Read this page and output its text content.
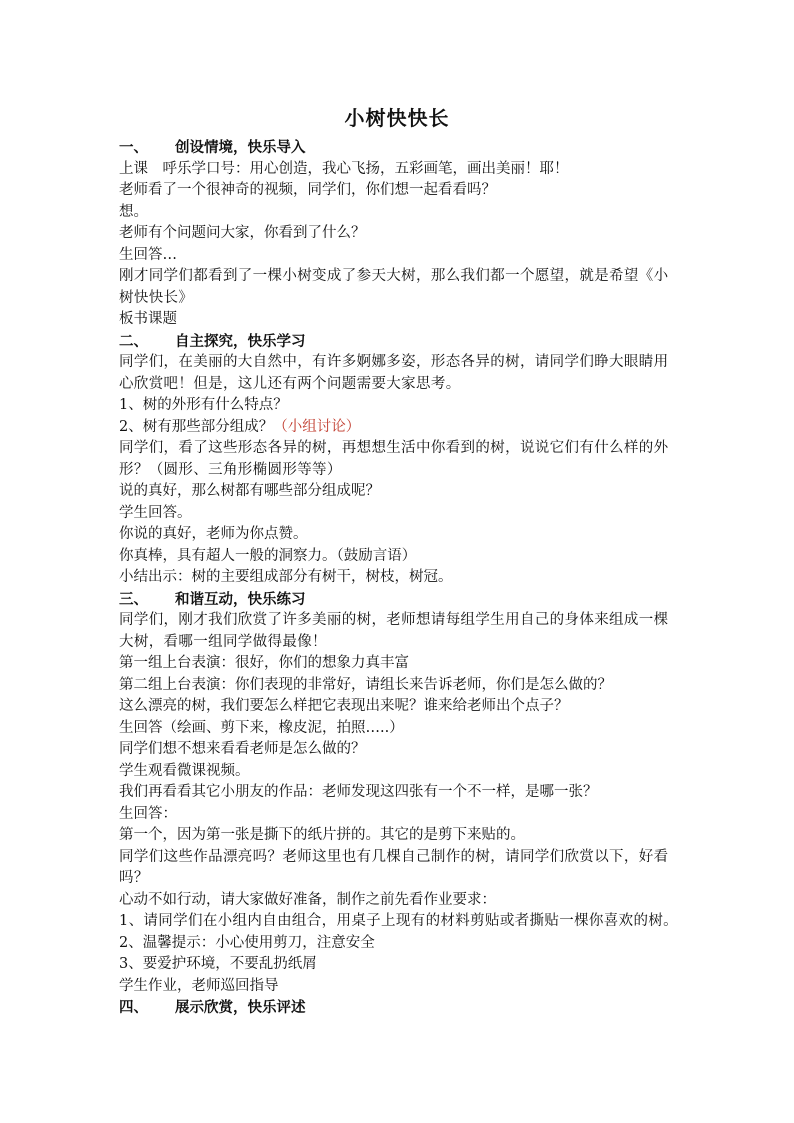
小树快快长
一、 创设情境，快乐导入
上课　呼乐学口号：用心创造，我心飞扬，五彩画笔，画出美丽！耶！
老师看了一个很神奇的视频，同学们，你们想一起看看吗？
想。
老师有个问题问大家，你看到了什么？
生回答…
刚才同学们都看到了一棵小树变成了参天大树，那么我们都一个愿望，就是希望《小树快快长》
板书课题
二、 自主探究，快乐学习
同学们，在美丽的大自然中，有许多婀娜多姿，形态各异的树，请同学们睁大眼睛用心欣赏吧！但是，这儿还有两个问题需要大家思考。
1、树的外形有什么特点？
2、树有那些部分组成？（小组讨论）
同学们，看了这些形态各异的树，再想想生活中你看到的树，说说它们有什么样的外形？（圆形、三角形椭圆形等等）
说的真好，那么树都有哪些部分组成呢？
学生回答。
你说的真好，老师为你点赞。
你真棒，具有超人一般的洞察力。（鼓励言语）
小结出示：树的主要组成部分有树干，树枝，树冠。
三、 和谐互动，快乐练习
同学们，刚才我们欣赏了许多美丽的树，老师想请每组学生用自己的身体来组成一棵大树，看哪一组同学做得最像！
第一组上台表演：很好，你们的想象力真丰富
第二组上台表演：你们表现的非常好，请组长来告诉老师，你们是怎么做的？
这么漂亮的树，我们要怎么样把它表现出来呢？谁来给老师出个点子？
生回答（绘画、剪下来，橡皮泥，拍照…..）
同学们想不想来看看老师是怎么做的？
学生观看微课视频。
我们再看看其它小朋友的作品：老师发现这四张有一个不一样，是哪一张？
生回答：
第一个，因为第一张是撕下的纸片拼的。其它的是剪下来贴的。
同学们这些作品漂亮吗？老师这里也有几棵自己制作的树，请同学们欣赏以下，好看吗？
心动不如行动，请大家做好准备，制作之前先看作业要求：
1、请同学们在小组内自由组合，用桌子上现有的材料剪贴或者撕贴一棵你喜欢的树。
2、温馨提示：小心使用剪刀，注意安全
3、要爱护环境，不要乱扔纸屑
学生作业，老师巡回指导
四、 展示欣赏，快乐评述
